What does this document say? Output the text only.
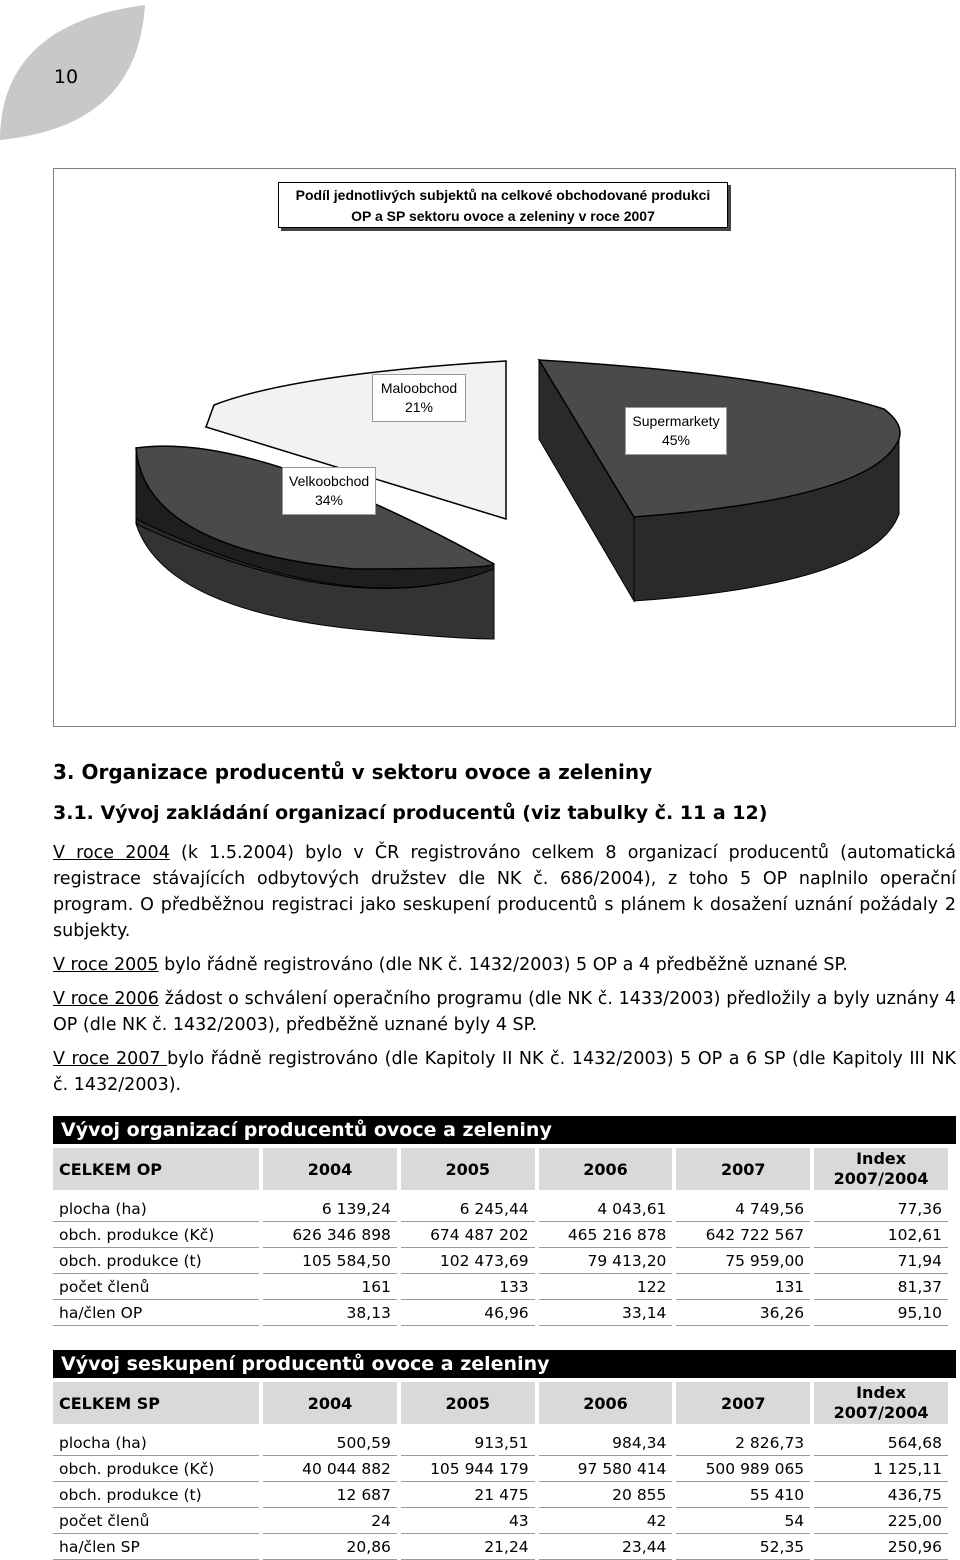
10
Podíl jednotlivých subjektů na celkové obchodované produkci
OP a SP sektoru ovoce a zeleniny v roce 2007
Maloobchod
21%
Supermarkety
45%
Velkoobchod
34%
3. Organizace producentů v sektoru ovoce a zeleniny
3.1. Vývoj zakládání organizací producentů (viz tabulky č. 11 a 12)
V roce 2004 (k 1.5.2004) bylo v ČR registrováno celkem 8 organizací producentů (automatická registrace stávajících odbytových družstev dle NK č. 686/2004), z toho 5 OP naplnilo operační program. O předběžnou registraci jako seskupení producentů s plánem k dosažení uznání požádaly 2 subjekty.
V roce 2005 bylo řádně registrováno (dle NK č. 1432/2003) 5 OP a 4 předběžně uznané SP.
V roce 2006 žádost o schválení operačního programu (dle NK č. 1433/2003) předložily a byly uznány 4 OP (dle NK č. 1432/2003), předběžně uznané byly 4 SP.
V roce 2007 bylo řádně registrováno (dle Kapitoly II NK č. 1432/2003) 5 OP a 6 SP (dle Kapitoly III NK č. 1432/2003).
Vývoj organizací producentů ovoce a zeleniny
CELKEM OP	2004	2005	2006	2007	Index
2007/2004

plocha (ha)	6 139,24	6 245,44	4 043,61	4 749,56	77,36
obch. produkce (Kč)	626 346 898	674 487 202	465 216 878	642 722 567	102,61
obch. produkce (t)	105 584,50	102 473,69	79 413,20	75 959,00	71,94
počet členů	161	133	122	131	81,37
ha/člen OP	38,13	46,96	33,14	36,26	95,10
Vývoj seskupení producentů ovoce a zeleniny
CELKEM SP	2004	2005	2006	2007	Index
2007/2004

plocha (ha)	500,59	913,51	984,34	2 826,73	564,68
obch. produkce (Kč)	40 044 882	105 944 179	97 580 414	500 989 065	1 125,11
obch. produkce (t)	12 687	21 475	20 855	55 410	436,75
počet členů	24	43	42	54	225,00
ha/člen SP	20,86	21,24	23,44	52,35	250,96
